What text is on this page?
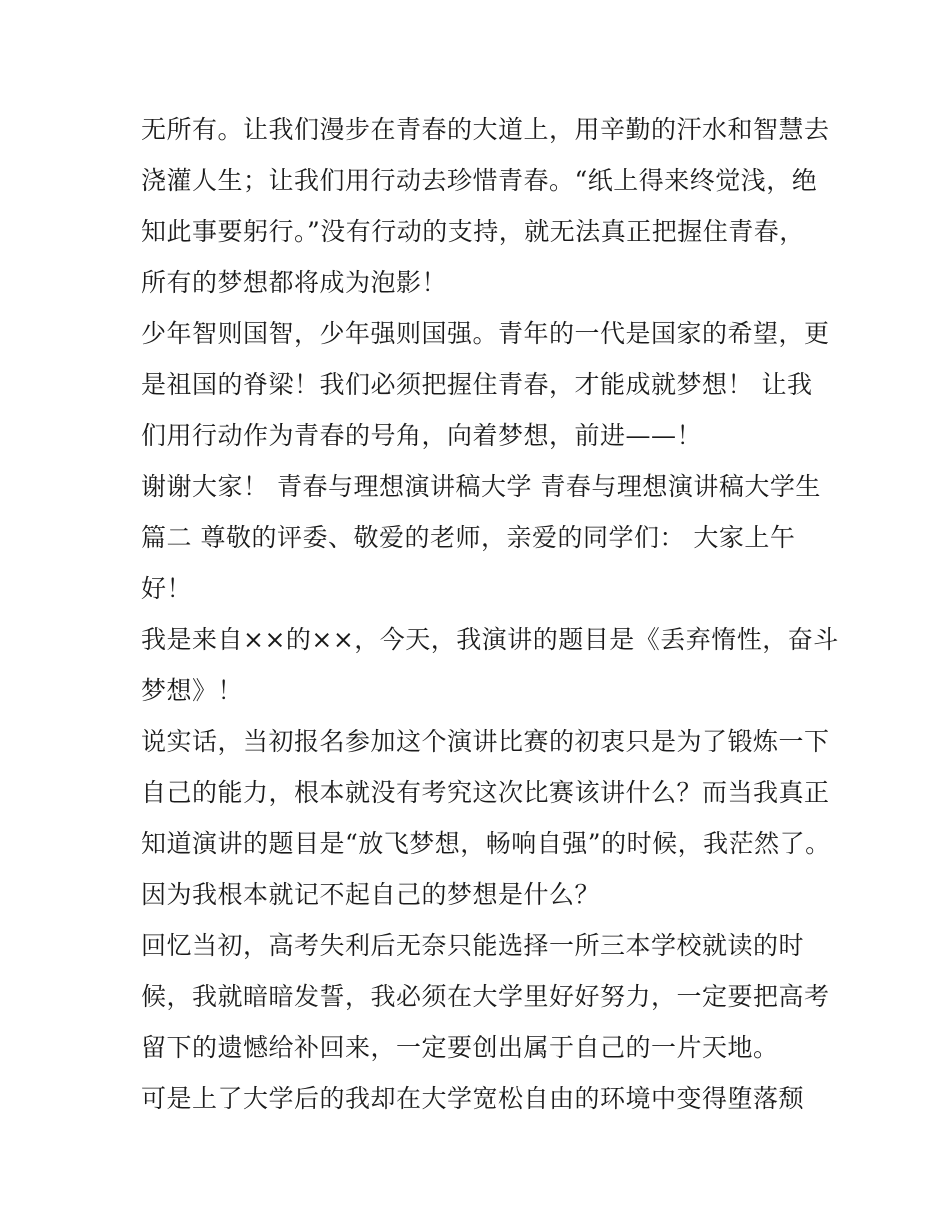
无所有。让我们漫步在青春的大道上，用辛勤的汗水和智慧去
浇灌人生；让我们用行动去珍惜青春。“纸上得来终觉浅，绝
知此事要躬行。”没有行动的支持，就无法真正把握住青春，
所有的梦想都将成为泡影！
少年智则国智，少年强则国强。青年的一代是国家的希望，更
是祖国的脊梁！我们必须把握住青春，才能成就梦想！ 让我
们用行动作为青春的号角，向着梦想，前进——！
谢谢大家！ 青春与理想演讲稿大学 青春与理想演讲稿大学生
篇二 尊敬的评委、敬爱的老师，亲爱的同学们： 大家上午
好！
我是来自××的××，今天，我演讲的题目是《丢弃惰性，奋斗
梦想》！
说实话，当初报名参加这个演讲比赛的初衷只是为了锻炼一下
自己的能力，根本就没有考究这次比赛该讲什么？而当我真正
知道演讲的题目是“放飞梦想，畅响自强”的时候，我茫然了。
因为我根本就记不起自己的梦想是什么？
回忆当初，高考失利后无奈只能选择一所三本学校就读的时
候，我就暗暗发誓，我必须在大学里好好努力，一定要把高考
留下的遗憾给补回来，一定要创出属于自己的一片天地。
可是上了大学后的我却在大学宽松自由的环境中变得堕落颓
